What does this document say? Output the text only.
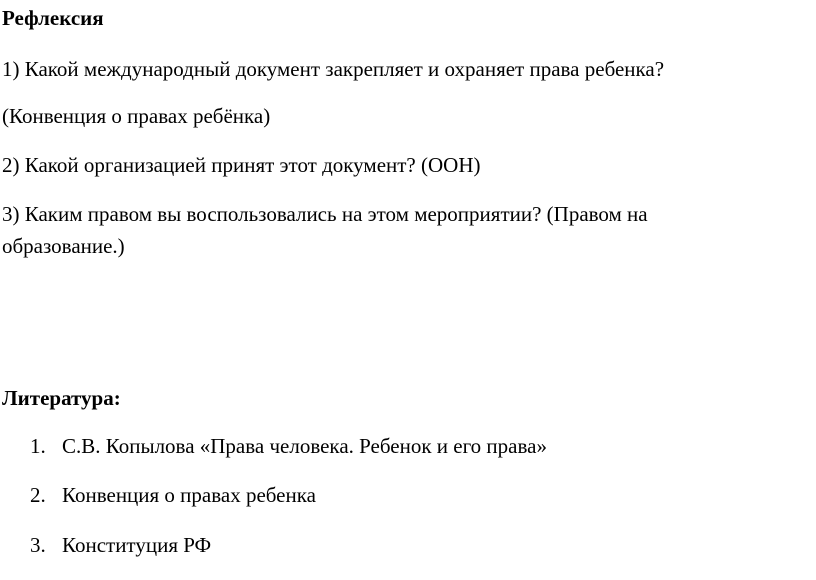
Рефлексия
1) Какой международный документ закрепляет и охраняет права ребенка?
(Конвенция о правах ребёнка)
2) Какой организацией принят этот документ? (ООН)
3) Каким правом вы воспользовались на этом мероприятии? (Правом на
образование.)
Литература:
1. С.В. Копылова «Права человека. Ребенок и его права»
2. Конвенция о правах ребенка
3. Конституция РФ
